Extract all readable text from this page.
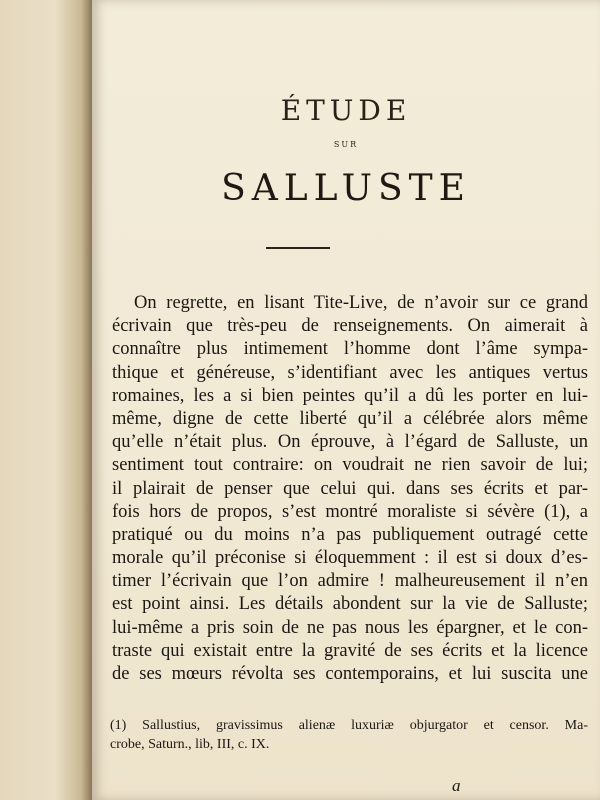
ÉTUDE
SUR
SALLUSTE
On regrette, en lisant Tite-Live, de n’avoir sur ce grand
écrivain que très-peu de renseignements. On aimerait à
connaître plus intimement l’homme dont l’âme sympa-
thique et généreuse, s’identifiant avec les antiques vertus
romaines, les a si bien peintes qu’il a dû les porter en lui-
même, digne de cette liberté qu’il a célébrée alors même
qu’elle n’était plus. On éprouve, à l’égard de Salluste, un
sentiment tout contraire: on voudrait ne rien savoir de lui;
il plairait de penser que celui qui. dans ses écrits et par-
fois hors de propos, s’est montré moraliste si sévère (1), a
pratiqué ou du moins n’a pas publiquement outragé cette
morale qu’il préconise si éloquemment : il est si doux d’es-
timer l’écrivain que l’on admire ! malheureusement il n’en
est point ainsi. Les détails abondent sur la vie de Salluste;
lui-même a pris soin de ne pas nous les épargner, et le con-
traste qui existait entre la gravité de ses écrits et la licence
de ses mœurs révolta ses contemporains, et lui suscita une
(1) Sallustius, gravissimus alienæ luxuriæ objurgator et censor. Ma-
crobe, Saturn., lib, III, c. IX.
a
